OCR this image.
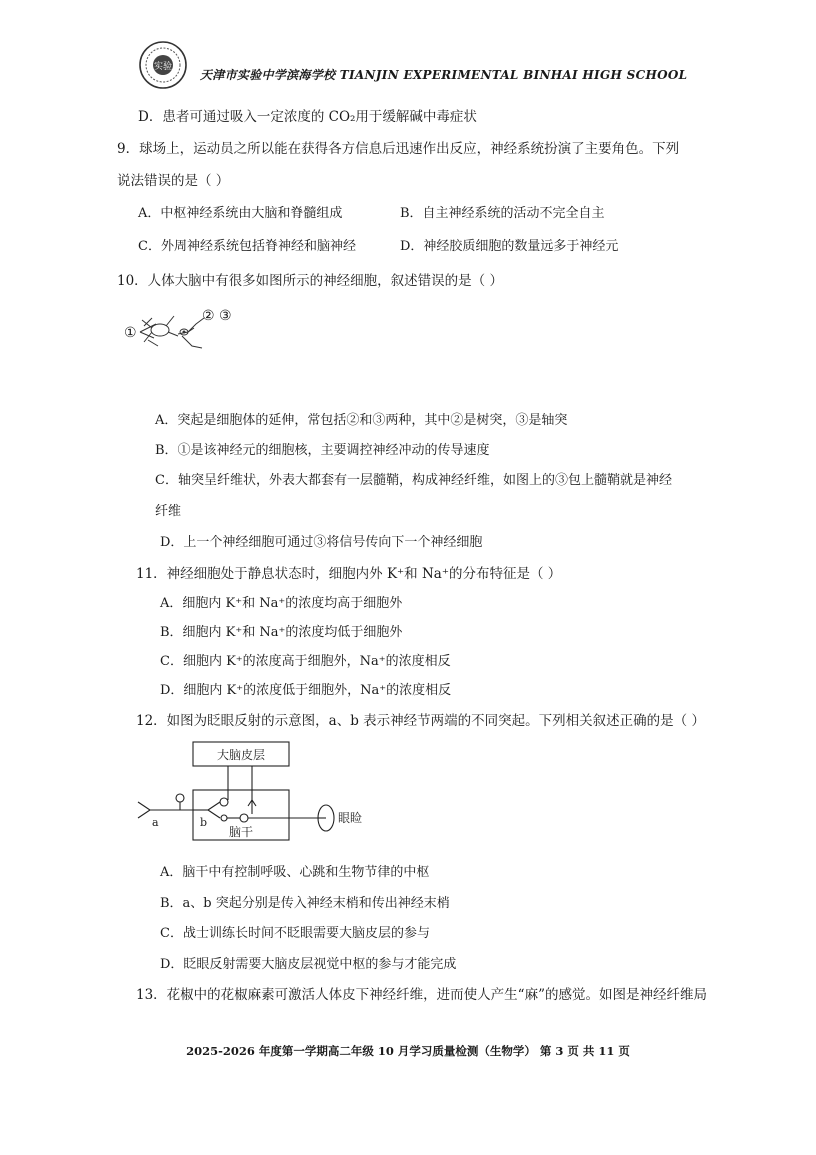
实验
天津市实验中学滨海学校 TIANJIN EXPERIMENTAL BINHAI HIGH SCHOOL
D．患者可通过吸入一定浓度的 CO₂用于缓解碱中毒症状
9．球场上，运动员之所以能在获得各方信息后迅速作出反应，神经系统扮演了主要角色。下列
说法错误的是（ ）
A．中枢神经系统由大脑和脊髓组成	B．自主神经系统的活动不完全自主
C．外周神经系统包括脊神经和脑神经	D．神经胶质细胞的数量远多于神经元
10．人体大脑中有很多如图所示的神经细胞，叙述错误的是（ ）
①
② ③
A．突起是细胞体的延伸，常包括②和③两种，其中②是树突，③是轴突
B．①是该神经元的细胞核，主要调控神经冲动的传导速度
C．轴突呈纤维状，外表大都套有一层髓鞘，构成神经纤维，如图上的③包上髓鞘就是神经
纤维
D．上一个神经细胞可通过③将信号传向下一个神经细胞
11．神经细胞处于静息状态时，细胞内外 K⁺和 Na⁺的分布特征是（ ）
A．细胞内 K⁺和 Na⁺的浓度均高于细胞外
B．细胞内 K⁺和 Na⁺的浓度均低于细胞外
C．细胞内 K⁺的浓度高于细胞外，Na⁺的浓度相反
D．细胞内 K⁺的浓度低于细胞外，Na⁺的浓度相反
12．如图为眨眼反射的示意图，a、b 表示神经节两端的不同突起。下列相关叙述正确的是（ ）
大脑皮层
脑干
眼睑
a	b
A．脑干中有控制呼吸、心跳和生物节律的中枢
B．a、b 突起分别是传入神经末梢和传出神经末梢
C．战士训练长时间不眨眼需要大脑皮层的参与
D．眨眼反射需要大脑皮层视觉中枢的参与才能完成
13．花椒中的花椒麻素可激活人体皮下神经纤维，进而使人产生“麻”的感觉。如图是神经纤维局
2025-2026 年度第一学期高二年级 10 月学习质量检测（生物学） 第 3 页 共 11 页
